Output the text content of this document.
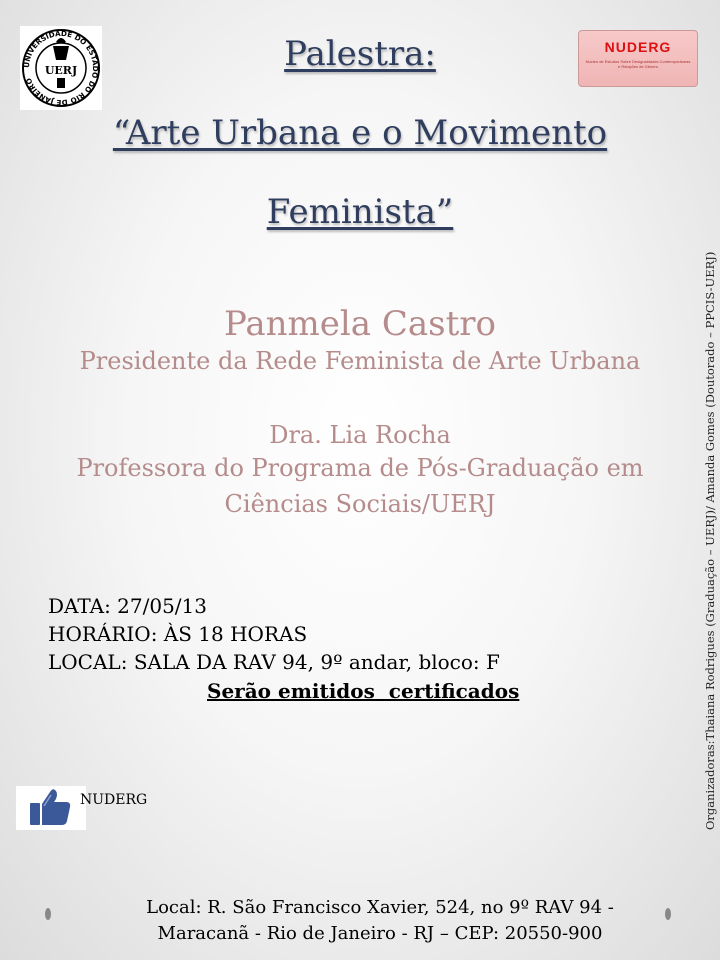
UNIVERSIDADE DO ESTADO DO RIO DE JANEIRO
UERJ
NUDERG
Núcleo de Estudos Sobre Desigualdades Contemporâneas e Relações de Gênero
Palestra:
“Arte Urbana e o Movimento
Feminista”
Panmela Castro
Presidente da Rede Feminista de Arte Urbana
Dra. Lia Rocha
Professora do Programa de Pós-Graduação em
Ciências Sociais/UERJ
DATA: 27/05/13
HORÁRIO: ÀS 18 HORAS
LOCAL: SALA DA RAV 94, 9º andar, bloco: F
Serão emitidos  certificados
NUDERG
Local: R. São Francisco Xavier, 524, no 9º RAV 94 -
Maracanã - Rio de Janeiro - RJ – CEP: 20550-900
Organizadoras:Thaiana Rodrigues (Graduação – UERJ)/ Amanda Gomes (Doutorado – PPCIS-UERJ)
